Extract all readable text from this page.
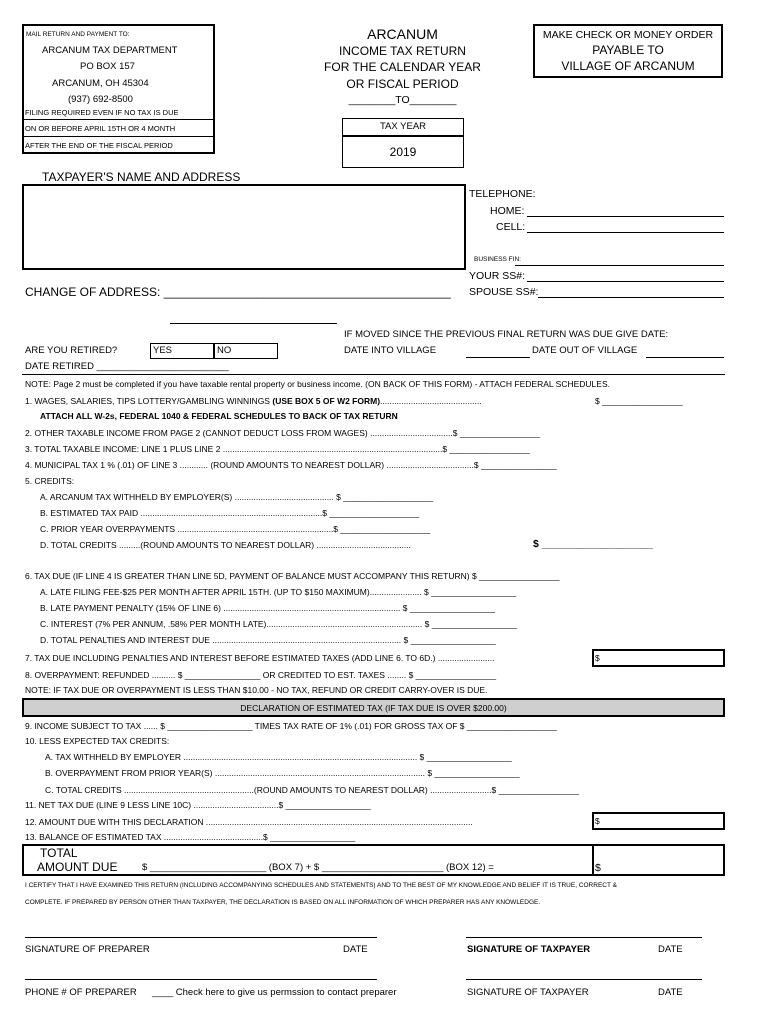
MAIL RETURN AND PAYMENT TO:
ARCANUM TAX DEPARTMENT
PO BOX 157
ARCANUM, OH 45304
(937) 692-8500
FILING REQUIRED EVEN IF NO TAX IS DUE
ON OR BEFORE APRIL 15TH OR 4 MONTH
AFTER THE END OF THE FISCAL PERIOD
ARCANUM
INCOME TAX RETURN
FOR THE CALENDAR YEAR
OR FISCAL PERIOD
________TO________
TAX YEAR
2019
MAKE CHECK OR MONEY ORDER
PAYABLE TO
VILLAGE OF ARCANUM
TAXPAYER'S NAME AND ADDRESS
TELEPHONE:
HOME:
CELL:
BUSINESS FIN:
YOUR SS#:
SPOUSE SS#:
CHANGE OF ADDRESS: ___________________________________________
IF MOVED SINCE THE PREVIOUS FINAL RETURN WAS DUE GIVE DATE:
DATE INTO VILLAGE	DATE OUT OF VILLAGE
ARE YOU RETIRED?	YES	NO
DATE RETIRED _________________________
NOTE: Page 2 must be completed if you have taxable rental property or business income. (ON BACK OF THIS FORM) - ATTACH FEDERAL SCHEDULES.
1. WAGES, SALARIES, TIPS LOTTERY/GAMBLING WINNINGS (USE BOX 5 OF W2 FORM)...........................................	$ _________________
ATTACH ALL W-2s, FEDERAL 1040 & FEDERAL SCHEDULES TO BACK OF TAX RETURN
2. OTHER TAXABLE INCOME FROM PAGE 2 (CANNOT DEDUCT LOSS FROM WAGES) ...................................$ _________________
3. TOTAL TAXABLE INCOME: LINE 1 PLUS LINE 2 .............................................................................................$ _________________
4. MUNICIPAL TAX 1 % (.01) OF LINE 3 ............ (ROUND AMOUNTS TO NEAREST DOLLAR) .....................................$ ________________
5. CREDITS:
A. ARCANUM TAX WITHHELD BY EMPLOYER(S) .......................................... $ ___________________
B. ESTIMATED TAX PAID .............................................................................$ ___________________
C. PRIOR YEAR OVERPAYMENTS ..................................................................$ ___________________
D. TOTAL CREDITS .........(ROUND AMOUNTS TO NEAREST DOLLAR) ........................................	$ ___________________
6. TAX DUE (IF LINE 4 IS GREATER THAN LINE 5D, PAYMENT OF BALANCE MUST ACCOMPANY THIS RETURN) $ _________________
A. LATE FILING FEE-$25 PER MONTH AFTER APRIL 15TH. (UP TO $150 MAXIMUM)...................... $ __________________
B. LATE PAYMENT PENALTY (15% OF LINE 6) ........................................................................... $ __________________
C. INTEREST (7% PER ANNUM, .58% PER MONTH LATE).................................................................. $ __________________
D. TOTAL PENALTIES AND INTEREST DUE ................................................................................ $ __________________
7. TAX DUE INCLUDING PENALTIES AND INTEREST BEFORE ESTIMATED TAXES (ADD LINE 6. TO 6D.) ........................	$
8. OVERPAYMENT: REFUNDED .......... $ ________________ OR CREDITED TO EST. TAXES ........ $ _________________
NOTE: IF TAX DUE OR OVERPAYMENT IS LESS THAN $10.00 - NO TAX, REFUND OR CREDIT CARRY-OVER IS DUE.
DECLARATION OF ESTIMATED TAX (IF TAX DUE IS OVER $200.00)
9. INCOME SUBJECT TO TAX ...... $ __________________ TIMES TAX RATE OF 1% (.01) FOR GROSS TAX OF $ ___________________
10. LESS EXPECTED TAX CREDITS:
A. TAX WITHHELD BY EMPLOYER ................................................................................................... $ __________________
B. OVERPAYMENT FROM PRIOR YEAR(S) ......................................................................................... $ __________________
C. TOTAL CREDITS .......................................................(ROUND AMOUNTS TO NEAREST DOLLAR) ..........................$ _________________
11. NET TAX DUE (LINE 9 LESS LINE 10C) ....................................$ __________________
12. AMOUNT DUE WITH THIS DECLARATION .................................................................................................................	$
13. BALANCE OF ESTIMATED TAX ..........................................$ __________________
TOTAL
AMOUNT DUE	$ ______________________ (BOX 7) + $ _______________________ (BOX 12) =	$
I CERTIFY THAT I HAVE EXAMINED THIS RETURN (INCLUDING ACCOMPANYING SCHEDULES AND STATEMENTS) AND TO THE BEST OF MY KNOWLEDGE AND BELIEF IT IS TRUE, CORRECT &
COMPLETE. IF PREPARED BY PERSON OTHER THAN TAXPAYER, THE DECLARATION IS BASED ON ALL INFORMATION OF WHICH PREPARER HAS ANY KNOWLEDGE.
SIGNATURE OF PREPARER	DATE	SIGNATURE OF TAXPAYER	DATE
PHONE # OF PREPARER ____ Check here to give us permssion to contact preparer	SIGNATURE OF TAXPAYER	DATE
